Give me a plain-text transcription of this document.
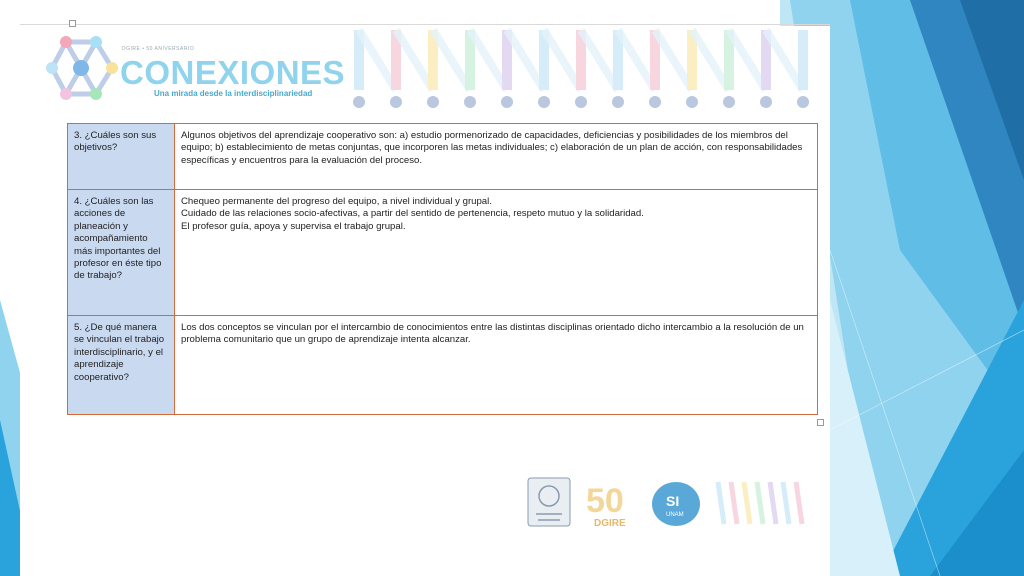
DGIRE • 50 ANIVERSARIO
CONEXIONES
Una mirada desde la interdisciplinariedad
3. ¿Cuáles son sus objetivos?	Algunos objetivos del aprendizaje cooperativo son: a) estudio pormenorizado de capacidades, deficiencias y posibilidades de los miembros del equipo; b) establecimiento de metas conjuntas, que incorporen las metas individuales; c) elaboración de un plan de acción, con responsabilidades específicas y encuentros para la evaluación del proceso.
4. ¿Cuáles son las acciones de planeación y acompañamiento más importantes del profesor en éste tipo de trabajo?	Chequeo permanente del progreso del equipo, a nivel individual y grupal.
Cuidado de las relaciones socio-afectivas, a partir del sentido de pertenencia, respeto mutuo y la solidaridad.
El profesor guía, apoya y supervisa el trabajo grupal.

5. ¿De qué manera se vinculan el trabajo interdisciplinario, y el aprendizaje cooperativo?	Los dos conceptos se vinculan por el intercambio de conocimientos entre las distintas disciplinas orientado dicho intercambio a la resolución de un problema comunitario que un grupo de aprendizaje intenta alcanzar.
50
DGIRE
SI
UNAM
